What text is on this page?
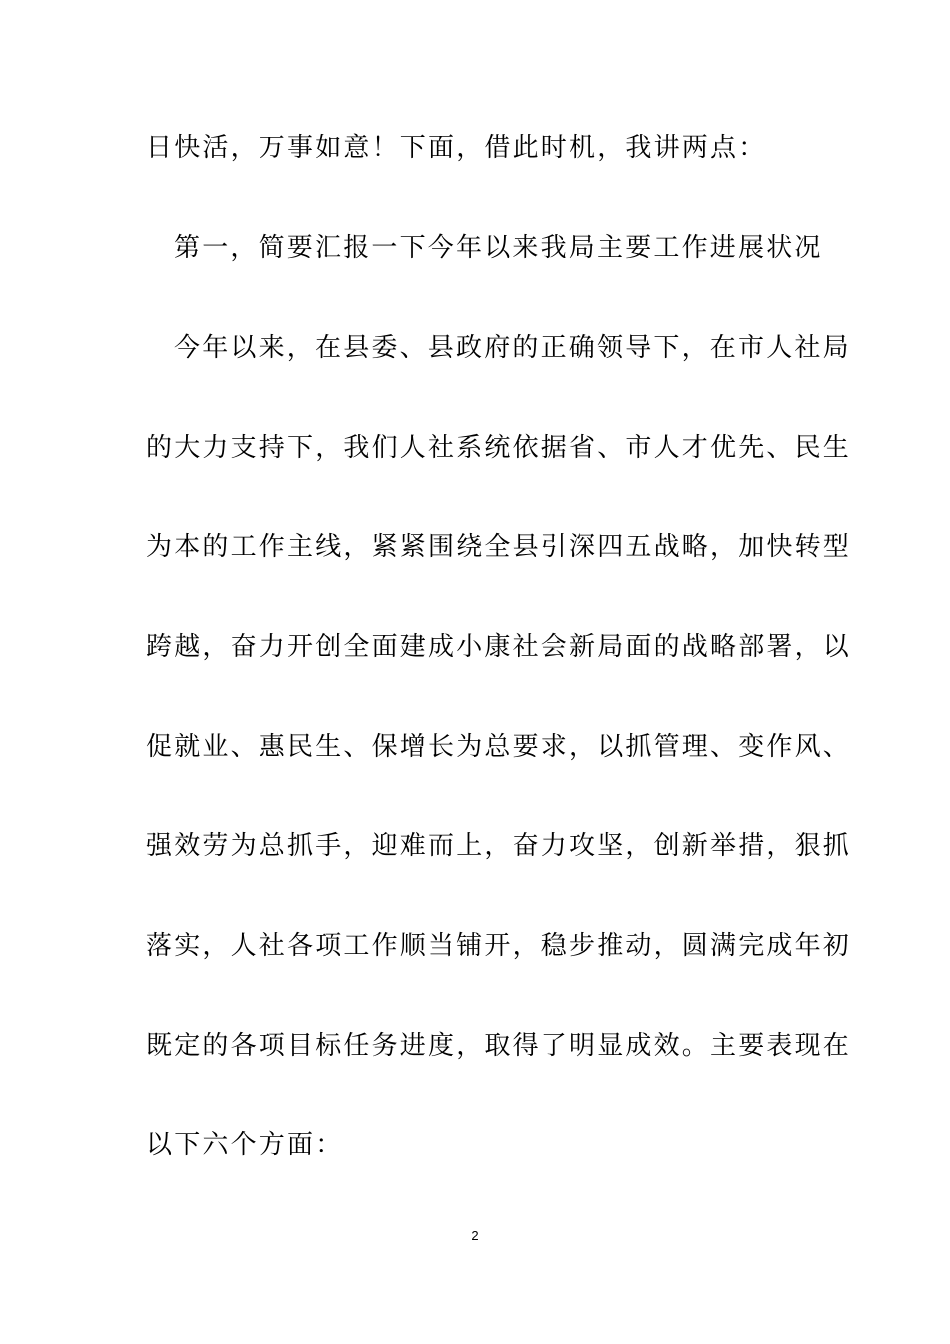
日快活，万事如意！下面，借此时机，我讲两点：
第一，简要汇报一下今年以来我局主要工作进展状况
今年以来，在县委、县政府的正确领导下，在市人社局
的大力支持下，我们人社系统依据省、市人才优先、民生
为本的工作主线，紧紧围绕全县引深四五战略，加快转型
跨越，奋力开创全面建成小康社会新局面的战略部署，以
促就业、惠民生、保增长为总要求，以抓管理、变作风、
强效劳为总抓手，迎难而上，奋力攻坚，创新举措，狠抓
落实，人社各项工作顺当铺开，稳步推动，圆满完成年初
既定的各项目标任务进度，取得了明显成效。主要表现在
以下六个方面：
2
